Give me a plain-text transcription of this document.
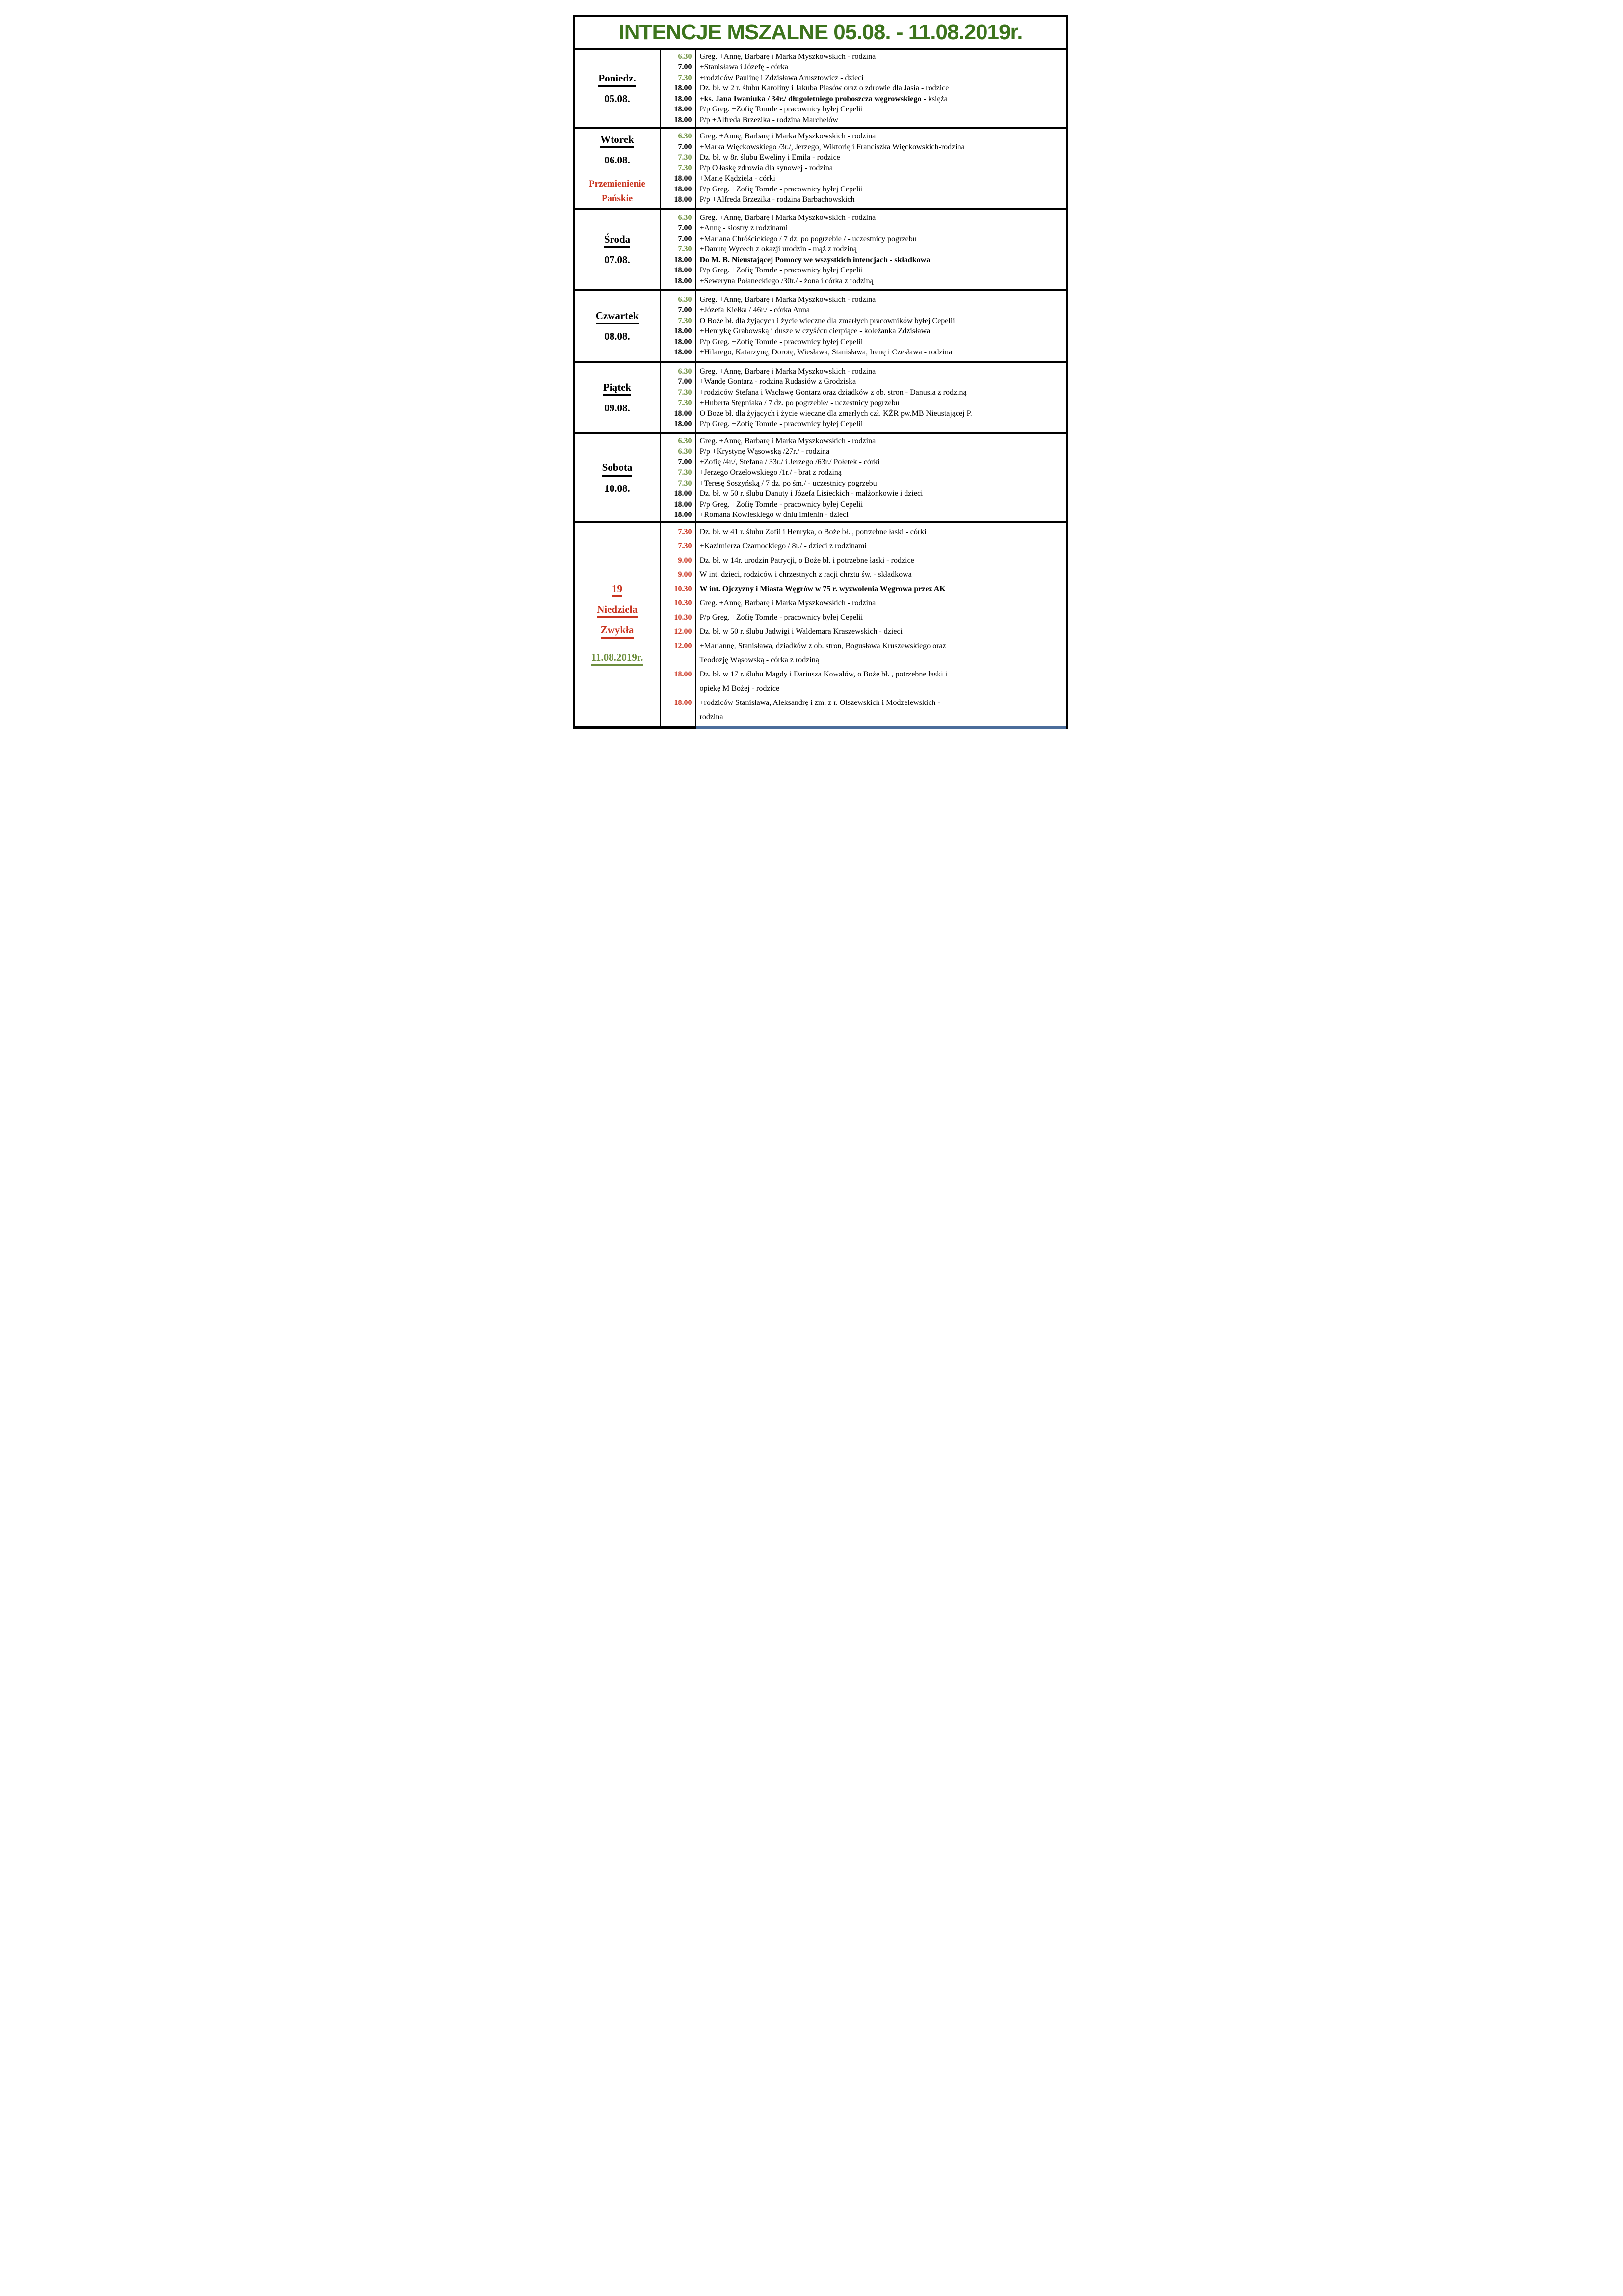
INTENCJE MSZALNE 05.08. - 11.08.2019r.
Poniedz.
05.08.
6.30
7.00
7.30
18.00
18.00
18.00
18.00
Greg. +Annę, Barbarę i Marka Myszkowskich - rodzina
+Stanisława i Józefę - córka
+rodziców Paulinę i Zdzisława Arusztowicz - dzieci
Dz. bł. w 2 r. ślubu Karoliny i Jakuba Plasów oraz o zdrowie dla Jasia - rodzice
+ks. Jana Iwaniuka / 34r./ długoletniego proboszcza węgrowskiego - księża
P/p Greg. +Zofię Tomrle - pracownicy byłej Cepelii
P/p +Alfreda Brzezika - rodzina Marchelów
Wtorek
06.08.
Przemienienie
Pańskie
6.30
7.00
7.30
7.30
18.00
18.00
18.00
Greg. +Annę, Barbarę i Marka Myszkowskich - rodzina
+Marka Więckowskiego /3r./, Jerzego, Wiktorię i Franciszka Więckowskich-rodzina
Dz. bł. w 8r. ślubu Eweliny i Emila - rodzice
P/p O łaskę zdrowia dla synowej - rodzina
+Marię Kądziela - córki
P/p Greg. +Zofię Tomrle - pracownicy byłej Cepelii
P/p +Alfreda Brzezika - rodzina Barbachowskich
Środa
07.08.
6.30
7.00
7.00
7.30
18.00
18.00
18.00
Greg. +Annę, Barbarę i Marka Myszkowskich - rodzina
+Annę - siostry z rodzinami
+Mariana Chróścickiego / 7 dz. po pogrzebie / - uczestnicy pogrzebu
+Danutę Wycech z okazji urodzin - mąż z rodziną
Do M. B. Nieustającej Pomocy we wszystkich intencjach - składkowa
P/p Greg. +Zofię Tomrle - pracownicy byłej Cepelii
+Seweryna Połaneckiego /30r./ - żona i córka z rodziną
Czwartek
08.08.
6.30
7.00
7.30
18.00
18.00
18.00
Greg. +Annę, Barbarę i Marka Myszkowskich - rodzina
+Józefa Kiełka / 46r./ - córka Anna
O Boże bł. dla żyjących i życie wieczne dla zmarłych pracowników byłej Cepelii
+Henrykę Grabowską i dusze w czyśćcu cierpiące - koleżanka Zdzisława
P/p Greg. +Zofię Tomrle - pracownicy byłej Cepelii
+Hilarego, Katarzynę, Dorotę, Wiesława, Stanisława, Irenę i Czesława - rodzina
Piątek
09.08.
6.30
7.00
7.30
7.30
18.00
18.00
Greg. +Annę, Barbarę i Marka Myszkowskich - rodzina
+Wandę Gontarz - rodzina Rudasiów z Grodziska
+rodziców Stefana i Wacławę Gontarz oraz dziadków z ob. stron - Danusia z rodziną
+Huberta Stępniaka / 7 dz. po pogrzebie/ - uczestnicy pogrzebu
O Boże bł. dla żyjących i życie wieczne dla zmarłych czł. KŻR pw.MB Nieustającej P.
P/p Greg. +Zofię Tomrle - pracownicy byłej Cepelii
Sobota
10.08.
6.30
6.30
7.00
7.30
7.30
18.00
18.00
18.00
Greg. +Annę, Barbarę i Marka Myszkowskich - rodzina
P/p +Krystynę Wąsowską /27r./ - rodzina
+Zofię /4r./, Stefana / 33r./ i Jerzego /63r./ Połetek - córki
+Jerzego Orzełowskiego /1r./ - brat z rodziną
+Teresę Soszyńską / 7 dz. po śm./ - uczestnicy pogrzebu
Dz. bł. w 50 r. ślubu Danuty i Józefa Lisieckich - małżonkowie i dzieci
P/p Greg. +Zofię Tomrle - pracownicy byłej Cepelii
+Romana Kowieskiego w dniu imienin - dzieci
19
Niedziela
Zwykła
11.08.2019r.
7.30
7.30
9.00
9.00
10.30
10.30
10.30
12.00
12.00
18.00
18.00
Dz. bł. w 41 r. ślubu Zofii i Henryka, o Boże bł. , potrzebne łaski - córki
+Kazimierza Czarnockiego / 8r./ - dzieci z rodzinami
Dz. bł. w 14r. urodzin Patrycji, o Boże bł. i potrzebne łaski - rodzice
W int. dzieci, rodziców i chrzestnych z racji chrztu św. - składkowa
W int. Ojczyzny i Miasta Węgrów w 75 r. wyzwolenia Węgrowa przez AK
Greg. +Annę, Barbarę i Marka Myszkowskich - rodzina
P/p Greg. +Zofię Tomrle - pracownicy byłej Cepelii
Dz. bł. w 50 r. ślubu Jadwigi i Waldemara Kraszewskich - dzieci
+Mariannę, Stanisława, dziadków z ob. stron, Bogusława Kruszewskiego oraz
Teodozję Wąsowską - córka z rodziną
Dz. bł. w 17 r. ślubu Magdy i Dariusza Kowalów, o Boże bł. , potrzebne łaski i
opiekę M Bożej - rodzice
+rodziców Stanisława, Aleksandrę i zm. z r. Olszewskich i Modzelewskich -
rodzina
